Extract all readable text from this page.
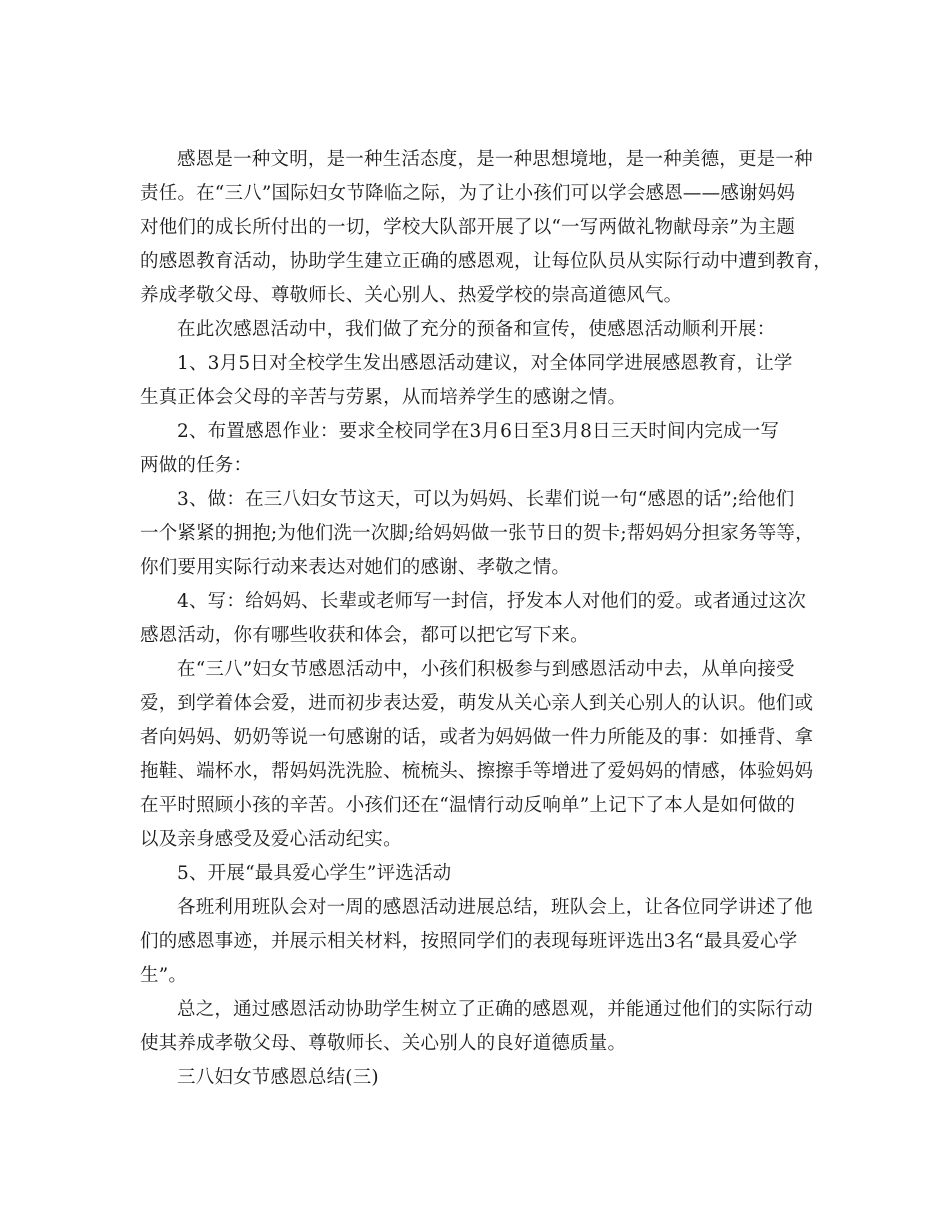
感恩是一种文明，是一种生活态度，是一种思想境地，是一种美德，更是一种
责任。在“三八”国际妇女节降临之际，为了让小孩们可以学会感恩——感谢妈妈
对他们的成长所付出的一切，学校大队部开展了以“一写两做礼物献母亲”为主题
的感恩教育活动，协助学生建立正确的感恩观，让每位队员从实际行动中遭到教育，
养成孝敬父母、尊敬师长、关心别人、热爱学校的崇高道德风气。
在此次感恩活动中，我们做了充分的预备和宣传，使感恩活动顺利开展：
1、3月5日对全校学生发出感恩活动建议，对全体同学进展感恩教育，让学
生真正体会父母的辛苦与劳累，从而培养学生的感谢之情。
2、布置感恩作业：要求全校同学在3月6日至3月8日三天时间内完成一写
两做的任务：
3、做：在三八妇女节这天，可以为妈妈、长辈们说一句“感恩的话”;给他们
一个紧紧的拥抱;为他们洗一次脚;给妈妈做一张节日的贺卡;帮妈妈分担家务等等，
你们要用实际行动来表达对她们的感谢、孝敬之情。
4、写：给妈妈、长辈或老师写一封信，抒发本人对他们的爱。或者通过这次
感恩活动，你有哪些收获和体会，都可以把它写下来。
在“三八”妇女节感恩活动中，小孩们积极参与到感恩活动中去，从单向接受
爱，到学着体会爱，进而初步表达爱，萌发从关心亲人到关心别人的认识。他们或
者向妈妈、奶奶等说一句感谢的话，或者为妈妈做一件力所能及的事：如捶背、拿
拖鞋、端杯水，帮妈妈洗洗脸、梳梳头、擦擦手等增进了爱妈妈的情感，体验妈妈
在平时照顾小孩的辛苦。小孩们还在“温情行动反响单”上记下了本人是如何做的
以及亲身感受及爱心活动纪实。
5、开展“最具爱心学生”评选活动
各班利用班队会对一周的感恩活动进展总结，班队会上，让各位同学讲述了他
们的感恩事迹，并展示相关材料，按照同学们的表现每班评选出3名“最具爱心学
生”。
总之，通过感恩活动协助学生树立了正确的感恩观，并能通过他们的实际行动
使其养成孝敬父母、尊敬师长、关心别人的良好道德质量。
三八妇女节感恩总结(三)
